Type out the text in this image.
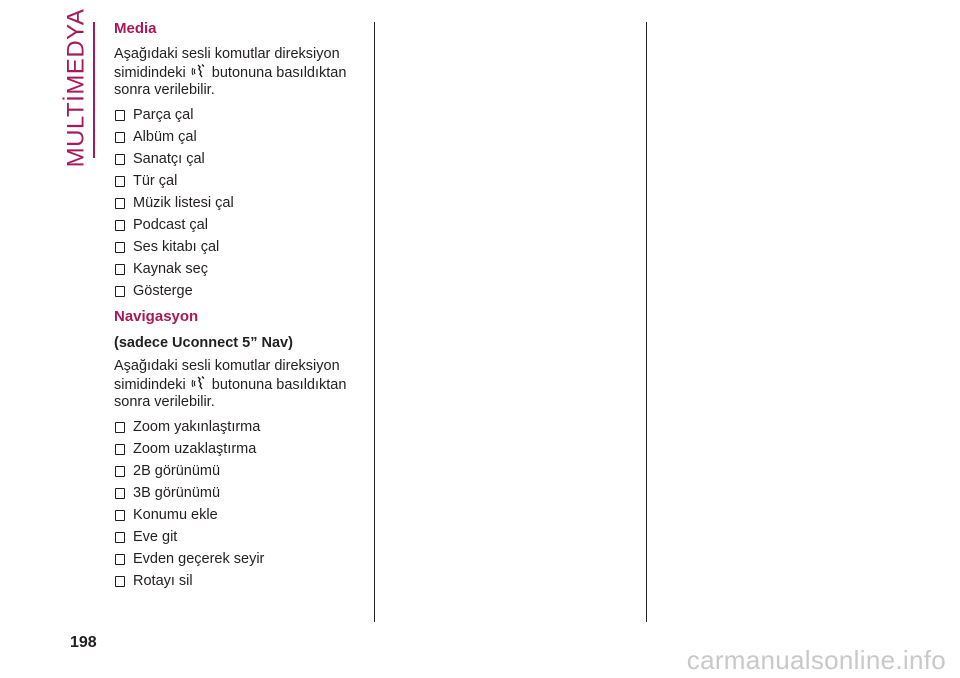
MULTİMEDYA Media

Aşağıdaki sesli komutlar direksiyon simidindeki butonuna basıldıktan sonra verilebilir.

Parça çal
Albüm çal
Sanatçı çal
Tür çal
Müzik listesi çal
Podcast çal
Ses kitabı çal
Kaynak seç
Gösterge
Navigasyon
(sadece Uconnect 5” Nav)

Aşağıdaki sesli komutlar direksiyon simidindeki butonuna basıldıktan sonra verilebilir.

Zoom yakınlaştırma
Zoom uzaklaştırma
2B görünümü
3B görünümü
Konumu ekle
Eve git
Evden geçerek seyir
Rotayı sil
198
carmanualsonline.info
